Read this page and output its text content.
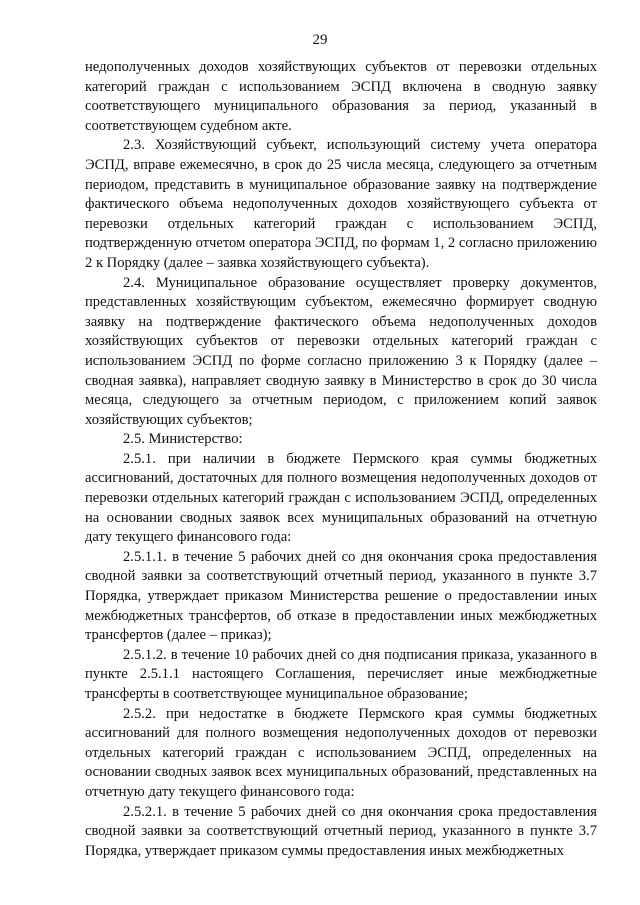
29

недополученных доходов хозяйствующих субъектов от перевозки отдельных категорий граждан с использованием ЭСПД включена в сводную заявку соответствующего муниципального образования за период, указанный в соответствующем судебном акте.

2.3. Хозяйствующий субъект, использующий систему учета оператора ЭСПД, вправе ежемесячно, в срок до 25 числа месяца, следующего за отчетным периодом, представить в муниципальное образование заявку на подтверждение фактического объема недополученных доходов хозяйствующего субъекта от перевозки отдельных категорий граждан с использованием ЭСПД, подтвержденную отчетом оператора ЭСПД, по формам 1, 2 согласно приложению 2 к Порядку (далее – заявка хозяйствующего субъекта).

2.4. Муниципальное образование осуществляет проверку документов, представленных хозяйствующим субъектом, ежемесячно формирует сводную заявку на подтверждение фактического объема недополученных доходов хозяйствующих субъектов от перевозки отдельных категорий граждан с использованием ЭСПД по форме согласно приложению 3 к Порядку (далее – сводная заявка), направляет сводную заявку в Министерство в срок до 30 числа месяца, следующего за отчетным периодом, с приложением копий заявок хозяйствующих субъектов;

2.5. Министерство:

2.5.1. при наличии в бюджете Пермского края суммы бюджетных ассигнований, достаточных для полного возмещения недополученных доходов от перевозки отдельных категорий граждан с использованием ЭСПД, определенных на основании сводных заявок всех муниципальных образований на отчетную дату текущего финансового года:

2.5.1.1. в течение 5 рабочих дней со дня окончания срока предоставления сводной заявки за соответствующий отчетный период, указанного в пункте 3.7 Порядка, утверждает приказом Министерства решение о предоставлении иных межбюджетных трансфертов, об отказе в предоставлении иных межбюджетных трансфертов (далее – приказ);

2.5.1.2. в течение 10 рабочих дней со дня подписания приказа, указанного в пункте 2.5.1.1 настоящего Соглашения, перечисляет иные межбюджетные трансферты в соответствующее муниципальное образование;

2.5.2. при недостатке в бюджете Пермского края суммы бюджетных ассигнований для полного возмещения недополученных доходов от перевозки отдельных категорий граждан с использованием ЭСПД, определенных на основании сводных заявок всех муниципальных образований, представленных на отчетную дату текущего финансового года:

2.5.2.1. в течение 5 рабочих дней со дня окончания срока предоставления сводной заявки за соответствующий отчетный период, указанного в пункте 3.7 Порядка, утверждает приказом суммы предоставления иных межбюджетных
